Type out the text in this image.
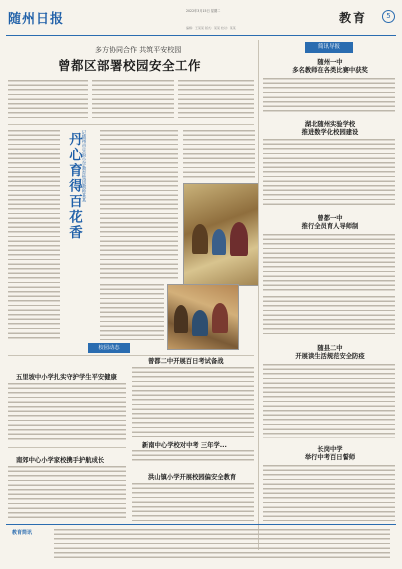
随州日报
2022年3月15日 星期二
编辑：王某某 版式：某某 校对：某某
教育	5
多方协同合作 共筑平安校园
曾都区部署校园安全工作
丹心育得百花香 记随州市实验小学教育集团教师某某
校园动态
五里坡中小学扎实守护学生平安健康
南郊中心小学家校携手护航成长
曾都二中开展百日考试备战
新南中心学校对中考 三年学...
洪山镇小学开展校园偏安全教育
简讯导报
随州一中
多名教师在各类比赛中获奖
湖北随州实验学校
推进数学化校园建设
曾都一中
推行全员育人导师制
随县二中
开展读生活规范安全防疫
长岗中学
举行中考百日誓师
教育简讯
